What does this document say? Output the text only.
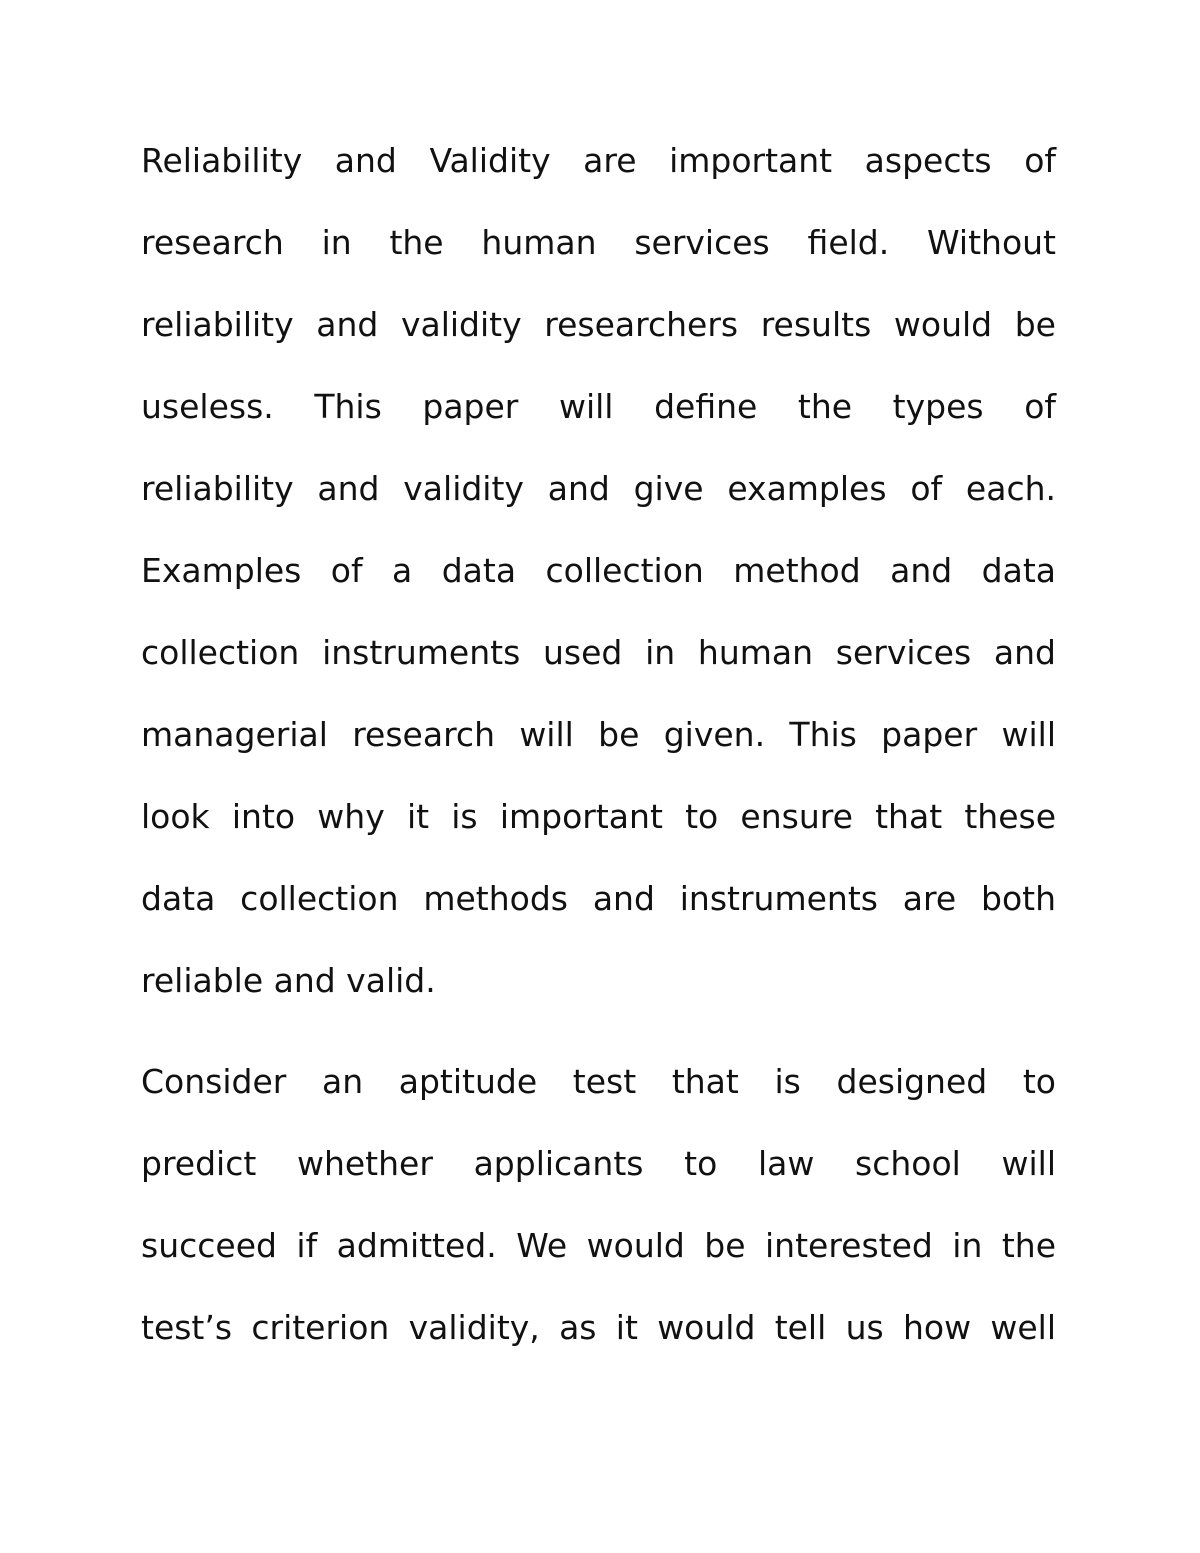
Reliability and Validity are important aspects of
research in the human services field. Without
reliability and validity researchers results would be
useless. This paper will define the types of
reliability and validity and give examples of each.
Examples of a data collection method and data
collection instruments used in human services and
managerial research will be given. This paper will
look into why it is important to ensure that these
data collection methods and instruments are both
reliable and valid.
Consider an aptitude test that is designed to
predict whether applicants to law school will
succeed if admitted. We would be interested in the
test’s criterion validity, as it would tell us how well
